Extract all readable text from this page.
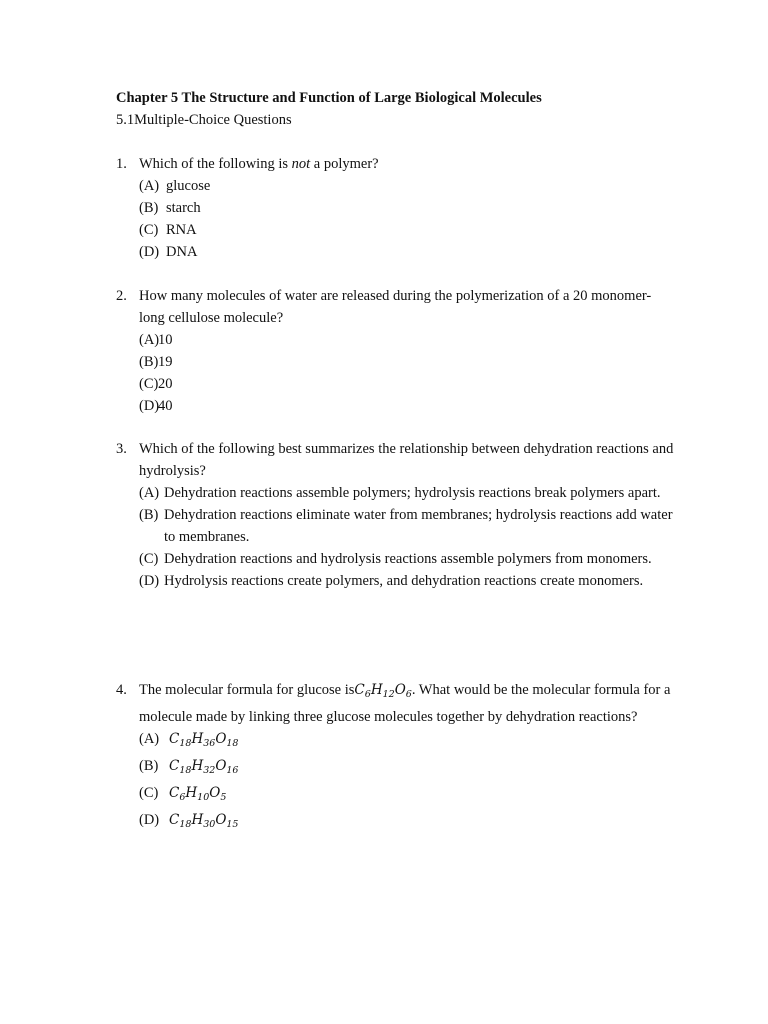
Chapter 5 The Structure and Function of Large Biological Molecules
5.1Multiple-Choice Questions
1. Which of the following is not a polymer?
(A) glucose
(B) starch
(C) RNA
(D) DNA
2. How many molecules of water are released during the polymerization of a 20 monomer-long cellulose molecule?
(A)
10
(B) 19
(C) 20
(D)
40
3. Which of the following best summarizes the relationship between dehydration reactions and hydrolysis?
(A) Dehydration reactions assemble polymers; hydrolysis reactions break polymers apart.
(B) Dehydration reactions eliminate water from membranes; hydrolysis reactions add water to membranes.
(C) Dehydration reactions and hydrolysis reactions assemble polymers from monomers.
(D) Hydrolysis reactions create polymers, and dehydration reactions create monomers.
4. The molecular formula for glucose $isC_6H_{12}O_6$. What would be the molecular formula for a molecule made by linking three glucose molecules together by dehydration reactions?
(A) $C_{18}H_{36}O_{18}$
(B) $C_{18}H_{32}O_{16}$
(C) $C_6H_{10}O_5$
(D) $C_{18}H_{30}O_{15}$
